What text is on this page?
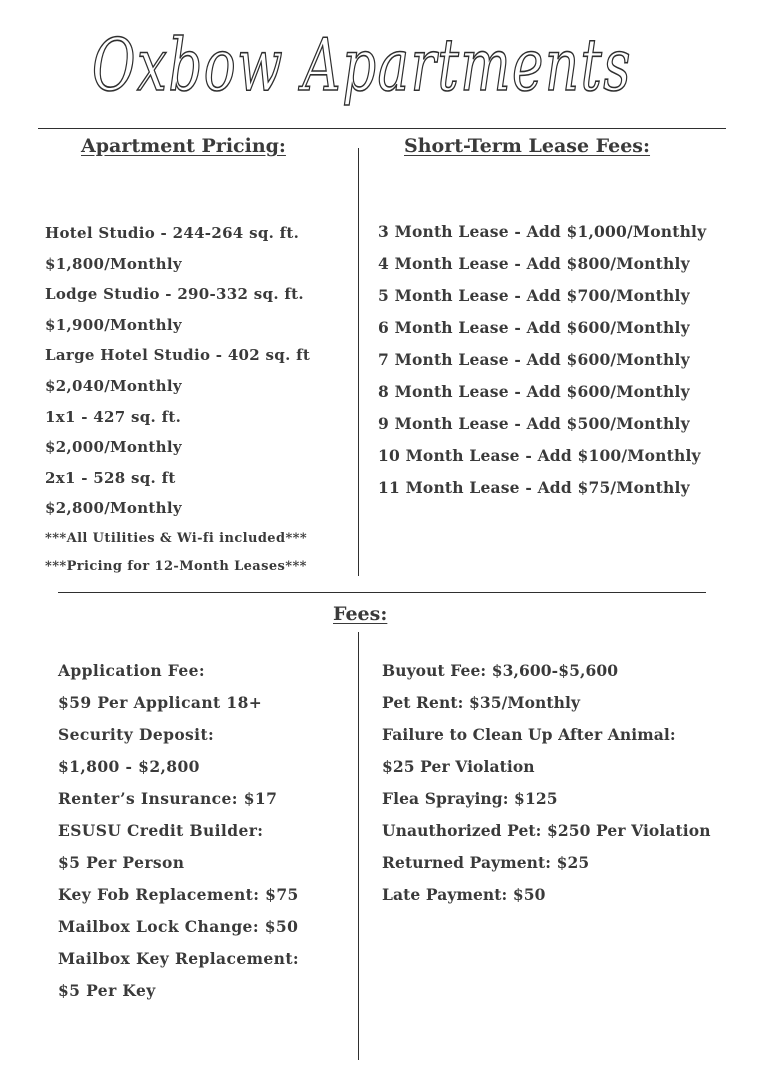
Oxbow Apartments
Apartment Pricing:	Short-Term Lease Fees:
Hotel Studio - 244-264 sq. ft.
$1,800/Monthly
Lodge Studio - 290-332 sq. ft.
$1,900/Monthly
Large Hotel Studio - 402 sq. ft
$2,040/Monthly
1x1 - 427 sq. ft.
$2,000/Monthly
2x1 - 528 sq. ft
$2,800/Monthly
***All Utilities & Wi-fi included***
***Pricing for 12-Month Leases***
3 Month Lease - Add $1,000/Monthly
4 Month Lease - Add $800/Monthly
5 Month Lease - Add $700/Monthly
6 Month Lease - Add $600/Monthly
7 Month Lease - Add $600/Monthly
8 Month Lease - Add $600/Monthly
9 Month Lease - Add $500/Monthly
10 Month Lease - Add $100/Monthly
11 Month Lease - Add $75/Monthly
Fees:
Application Fee:
$59 Per Applicant 18+
Security Deposit:
$1,800 - $2,800
Renter’s Insurance: $17
ESUSU Credit Builder:
$5 Per Person
Key Fob Replacement: $75
Mailbox Lock Change: $50
Mailbox Key Replacement:
$5 Per Key
Buyout Fee: $3,600-$5,600
Pet Rent: $35/Monthly
Failure to Clean Up After Animal:
$25 Per Violation
Flea Spraying: $125
Unauthorized Pet: $250 Per Violation
Returned Payment: $25
Late Payment: $50
